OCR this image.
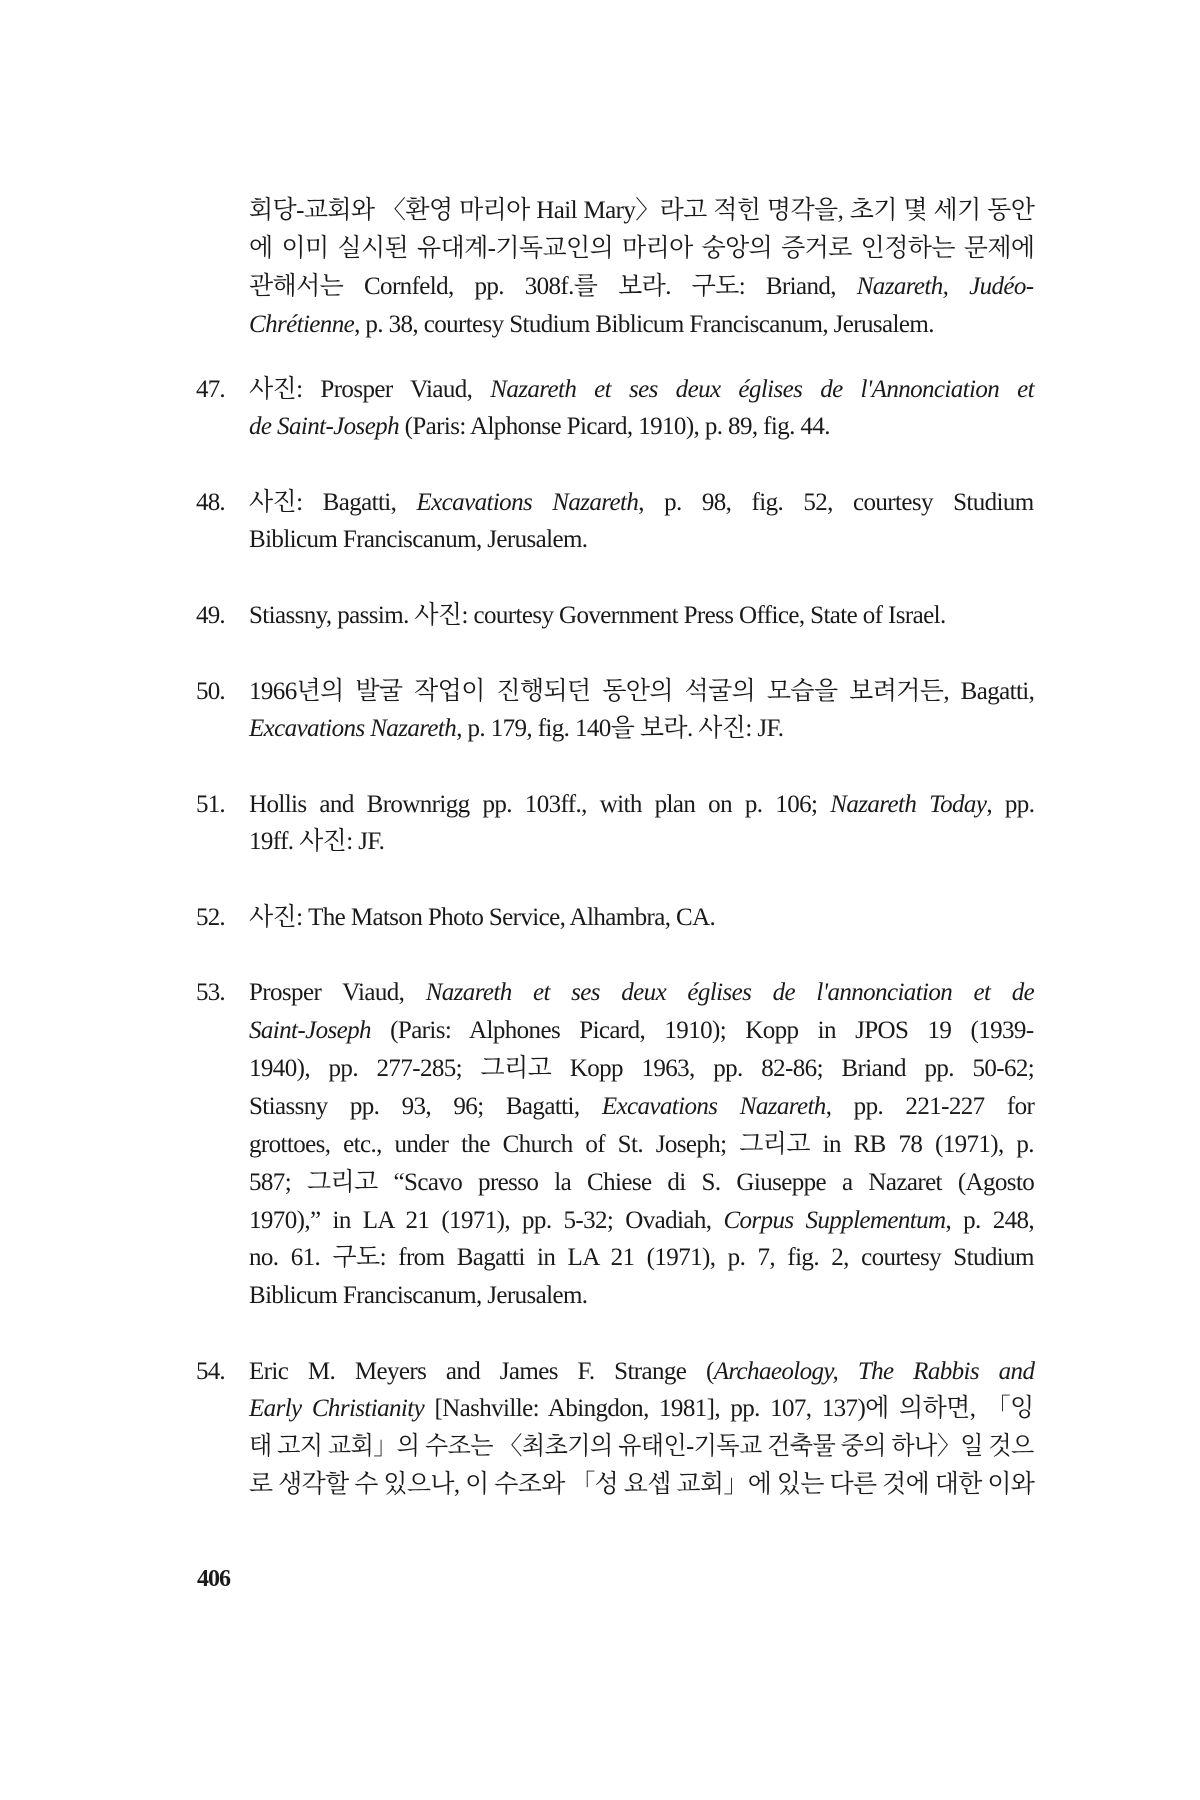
회당-교회와 〈환영 마리아 Hail Mary〉라고 적힌 명각을, 초기 몇 세기 동안
에 이미 실시된 유대계-기독교인의 마리아 숭앙의 증거로 인정하는 문제에
관해서는 Cornfeld, pp. 308f.를 보라. 구도: Briand, Nazareth, Judéo-
Chrétienne, p. 38, courtesy Studium Biblicum Franciscanum, Jerusalem.
47. 사진: Prosper Viaud, Nazareth et ses deux églises de l'Annonciation et
de Saint-Joseph (Paris: Alphonse Picard, 1910), p. 89, fig. 44.
48. 사진: Bagatti, Excavations Nazareth, p. 98, fig. 52, courtesy Studium
Biblicum Franciscanum, Jerusalem.
49. Stiassny, passim. 사진: courtesy Government Press Office, State of Israel.
50. 1966년의 발굴 작업이 진행되던 동안의 석굴의 모습을 보려거든, Bagatti,
Excavations Nazareth, p. 179, fig. 140을 보라. 사진: JF.
51. Hollis and Brownrigg pp. 103ff., with plan on p. 106; Nazareth Today, pp.
19ff. 사진: JF.
52. 사진: The Matson Photo Service, Alhambra, CA.
53. Prosper Viaud, Nazareth et ses deux églises de l'annonciation et de
Saint-Joseph (Paris: Alphones Picard, 1910); Kopp in JPOS 19 (1939-
1940), pp. 277-285; 그리고 Kopp 1963, pp. 82-86; Briand pp. 50-62;
Stiassny pp. 93, 96; Bagatti, Excavations Nazareth, pp. 221-227 for
grottoes, etc., under the Church of St. Joseph; 그리고 in RB 78 (1971), p.
587; 그리고 “Scavo presso la Chiese di S. Giuseppe a Nazaret (Agosto
1970),” in LA 21 (1971), pp. 5-32; Ovadiah, Corpus Supplementum, p. 248,
no. 61. 구도: from Bagatti in LA 21 (1971), p. 7, fig. 2, courtesy Studium
Biblicum Franciscanum, Jerusalem.
54. Eric M. Meyers and James F. Strange (Archaeology, The Rabbis and
Early Christianity [Nashville: Abingdon, 1981], pp. 107, 137)에 의하면, 「잉
태 고지 교회」의 수조는 〈최초기의 유태인-기독교 건축물 중의 하나〉일 것으
로 생각할 수 있으나, 이 수조와 「성 요셉 교회」에 있는 다른 것에 대한 이와
406
